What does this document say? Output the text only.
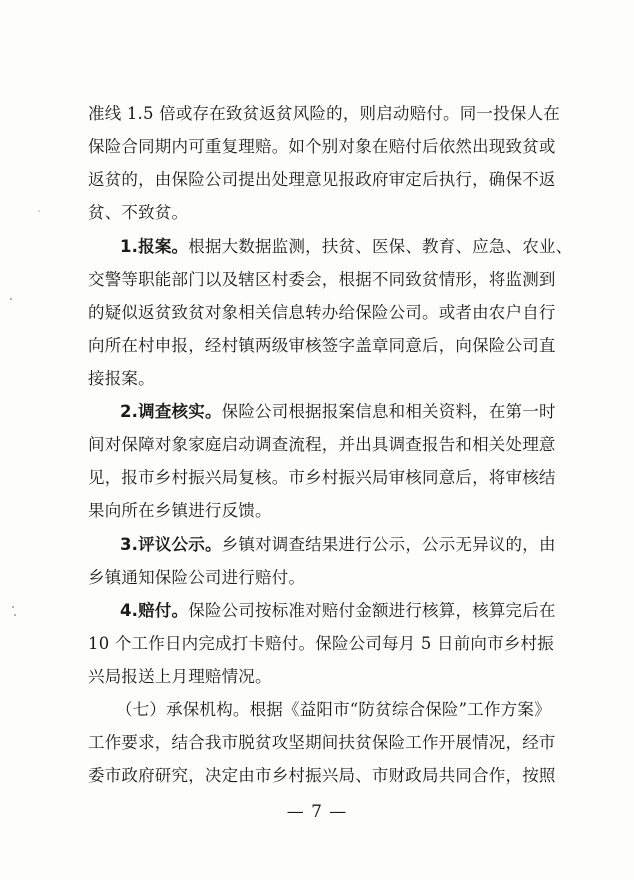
准线 1.5 倍或存在致贫返贫风险的，则启动赔付。同一投保人在
保险合同期内可重复理赔。如个别对象在赔付后依然出现致贫或
返贫的，由保险公司提出处理意见报政府审定后执行，确保不返
贫、不致贫。
1.报案。根据大数据监测，扶贫、医保、教育、应急、农业、
交警等职能部门以及辖区村委会，根据不同致贫情形，将监测到
的疑似返贫致贫对象相关信息转办给保险公司。或者由农户自行
向所在村申报，经村镇两级审核签字盖章同意后，向保险公司直
接报案。
2.调查核实。保险公司根据报案信息和相关资料，在第一时
间对保障对象家庭启动调查流程，并出具调查报告和相关处理意
见，报市乡村振兴局复核。市乡村振兴局审核同意后，将审核结
果向所在乡镇进行反馈。
3.评议公示。乡镇对调查结果进行公示，公示无异议的，由
乡镇通知保险公司进行赔付。
4.赔付。保险公司按标准对赔付金额进行核算，核算完后在
10 个工作日内完成打卡赔付。保险公司每月 5 日前向市乡村振
兴局报送上月理赔情况。
（七）承保机构。根据《益阳市“防贫综合保险”工作方案》
工作要求，结合我市脱贫攻坚期间扶贫保险工作开展情况，经市
委市政府研究，决定由市乡村振兴局、市财政局共同合作，按照
— 7 —
